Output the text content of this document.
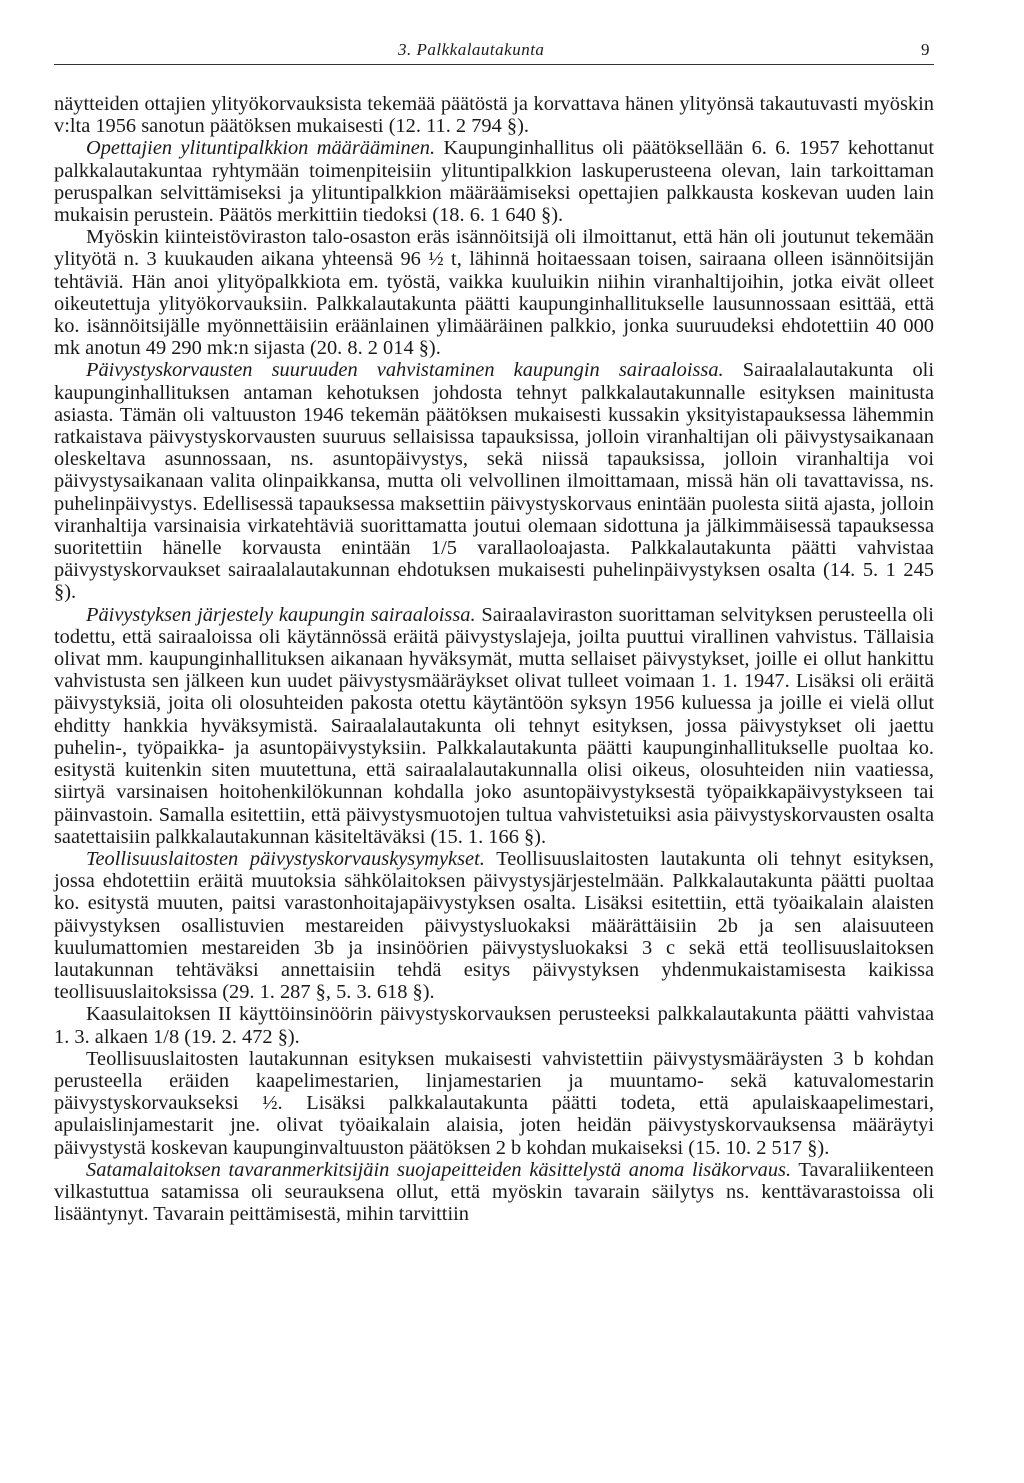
3. Palkkalautakunta	9

näytteiden ottajien ylityökorvauksista tekemää päätöstä ja korvattava hänen ylityönsä takautuvasti myöskin v:lta 1956 sanotun päätöksen mukaisesti (12. 11. 2 794 §).

Opettajien ylituntipalkkion määrääminen. Kaupunginhallitus oli päätöksellään 6. 6. 1957 kehottanut palkkalautakuntaa ryhtymään toimenpiteisiin ylituntipalkkion laskuperusteena olevan, lain tarkoittaman peruspalkan selvittämiseksi ja ylituntipalkkion määräämiseksi opettajien palkkausta koskevan uuden lain mukaisin perustein. Päätös merkittiin tiedoksi (18. 6. 1 640 §).

Myöskin kiinteistöviraston talo-osaston eräs isännöitsijä oli ilmoittanut, että hän oli joutunut tekemään ylityötä n. 3 kuukauden aikana yhteensä 96 ½ t, lähinnä hoitaessaan toisen, sairaana olleen isännöitsijän tehtäviä. Hän anoi ylityöpalkkiota em. työstä, vaikka kuuluikin niihin viranhaltijoihin, jotka eivät olleet oikeutettuja ylityökorvauksiin. Palkkalautakunta päätti kaupunginhallitukselle lausunnossaan esittää, että ko. isännöitsijälle myönnettäisiin eräänlainen ylimääräinen palkkio, jonka suuruudeksi ehdotettiin 40 000 mk anotun 49 290 mk:n sijasta (20. 8. 2 014 §).

Päivystyskorvausten suuruuden vahvistaminen kaupungin sairaaloissa. Sairaalalautakunta oli kaupunginhallituksen antaman kehotuksen johdosta tehnyt palkkalautakunnalle esityksen mainitusta asiasta. Tämän oli valtuuston 1946 tekemän päätöksen mukaisesti kussakin yksityistapauksessa lähemmin ratkaistava päivystyskorvausten suuruus sellaisissa tapauksissa, jolloin viranhaltijan oli päivystysaikanaan oleskeltava asunnossaan, ns. asuntopäivystys, sekä niissä tapauksissa, jolloin viranhaltija voi päivystysaikanaan valita olinpaikkansa, mutta oli velvollinen ilmoittamaan, missä hän oli tavattavissa, ns. puhelinpäivystys. Edellisessä tapauksessa maksettiin päivystyskorvaus enintään puolesta siitä ajasta, jolloin viranhaltija varsinaisia virkatehtäviä suorittamatta joutui olemaan sidottuna ja jälkimmäisessä tapauksessa suoritettiin hänelle korvausta enintään 1/5 varallaoloajasta. Palkkalautakunta päätti vahvistaa päivystyskorvaukset sairaalalautakunnan ehdotuksen mukaisesti puhelinpäivystyksen osalta (14. 5. 1 245 §).

Päivystyksen järjestely kaupungin sairaaloissa. Sairaalaviraston suorittaman selvityksen perusteella oli todettu, että sairaaloissa oli käytännössä eräitä päivystyslajeja, joilta puuttui virallinen vahvistus. Tällaisia olivat mm. kaupunginhallituksen aikanaan hyväksymät, mutta sellaiset päivystykset, joille ei ollut hankittu vahvistusta sen jälkeen kun uudet päivystysmääräykset olivat tulleet voimaan 1. 1. 1947. Lisäksi oli eräitä päivystyksiä, joita oli olosuhteiden pakosta otettu käytäntöön syksyn 1956 kuluessa ja joille ei vielä ollut ehditty hankkia hyväksymistä. Sairaalalautakunta oli tehnyt esityksen, jossa päivystykset oli jaettu puhelin-, työpaikka- ja asuntopäivystyksiin. Palkkalautakunta päätti kaupunginhallitukselle puoltaa ko. esitystä kuitenkin siten muutettuna, että sairaalalautakunnalla olisi oikeus, olosuhteiden niin vaatiessa, siirtyä varsinaisen hoitohenkilökunnan kohdalla joko asuntopäivystyksestä työpaikkapäivystykseen tai päinvastoin. Samalla esitettiin, että päivystysmuotojen tultua vahvistetuiksi asia päivystyskorvausten osalta saatettaisiin palkkalautakunnan käsiteltäväksi (15. 1. 166 §).

Teollisuuslaitosten päivystyskorvauskysymykset. Teollisuuslaitosten lautakunta oli tehnyt esityksen, jossa ehdotettiin eräitä muutoksia sähkölaitoksen päivystysjärjestelmään. Palkkalautakunta päätti puoltaa ko. esitystä muuten, paitsi varastonhoitajapäivystyksen osalta. Lisäksi esitettiin, että työaikalain alaisten päivystyksen osallistuvien mestareiden päivystysluokaksi määrättäisiin 2b ja sen alaisuuteen kuulumattomien mestareiden 3b ja insinöörien päivystysluokaksi 3 c sekä että teollisuuslaitoksen lautakunnan tehtäväksi annettaisiin tehdä esitys päivystyksen yhdenmukaistamisesta kaikissa teollisuuslaitoksissa (29. 1. 287 §, 5. 3. 618 §).

Kaasulaitoksen II käyttöinsinöörin päivystyskorvauksen perusteeksi palkkalautakunta päätti vahvistaa 1. 3. alkaen 1/8 (19. 2. 472 §).

Teollisuuslaitosten lautakunnan esityksen mukaisesti vahvistettiin päivystysmääräysten 3 b kohdan perusteella eräiden kaapelimestarien, linjamestarien ja muuntamo- sekä katuvalomestarin päivystyskorvaukseksi ½. Lisäksi palkkalautakunta päätti todeta, että apulaiskaapelimestari, apulaislinjamestarit jne. olivat työaikalain alaisia, joten heidän päivystyskorvauksensa määräytyi päivystystä koskevan kaupunginvaltuuston päätöksen 2 b kohdan mukaiseksi (15. 10. 2 517 §).

Satamalaitoksen tavaranmerkitsijäin suojapeitteiden käsittelystä anoma lisäkorvaus. Tavaraliikenteen vilkastuttua satamissa oli seurauksena ollut, että myöskin tavarain säilytys ns. kenttävarastoissa oli lisääntynyt. Tavarain peittämisestä, mihin tarvittiin
